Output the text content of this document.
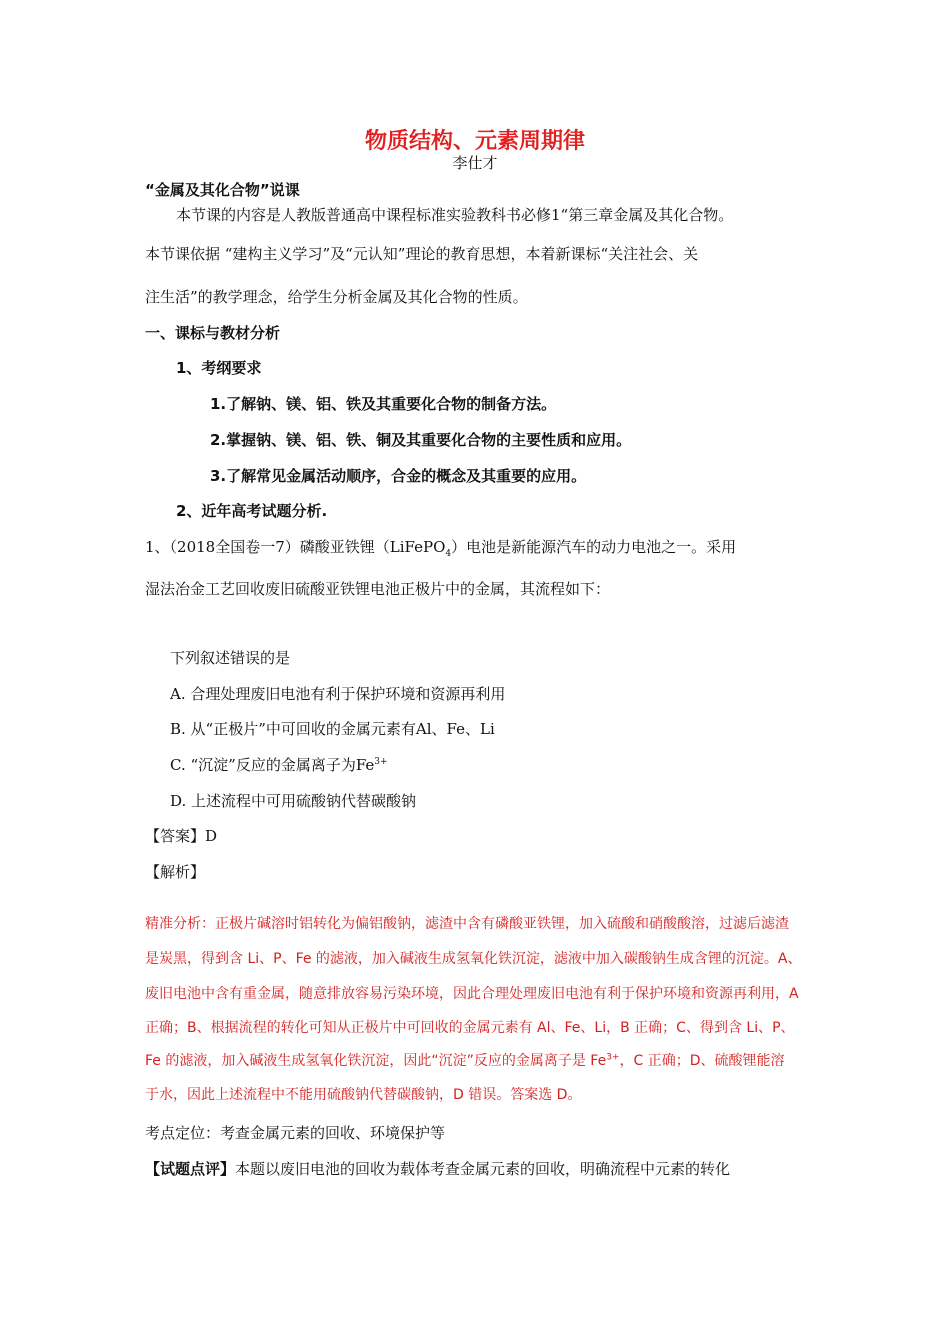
物质结构、元素周期律
李仕才
“金属及其化合物”说课
本节课的内容是人教版普通高中课程标准实验教科书必修1“第三章金属及其化合物。
本节课依据 “建构主义学习”及“元认知”理论的教育思想，本着新课标“关注社会、关
注生活”的教学理念，给学生分析金属及其化合物的性质。
一、课标与教材分析
1、考纲要求
1.了解钠、镁、铝、铁及其重要化合物的制备方法。
2.掌握钠、镁、铝、铁、铜及其重要化合物的主要性质和应用。
3.了解常见金属活动顺序，合金的概念及其重要的应用。
2、近年高考试题分析.
1、（2018全国卷一7）磷酸亚铁锂（LiFePO$_4$）电池是新能源汽车的动力电池之一。采用
湿法冶金工艺回收废旧硫酸亚铁锂电池正极片中的金属，其流程如下：
下列叙述错误的是
A. 合理处理废旧电池有利于保护环境和资源再利用
B. 从“正极片”中可回收的金属元素有Al、Fe、Li
C. “沉淀”反应的金属离子为$Fe^{3+}$
D. 上述流程中可用硫酸钠代替碳酸钠
【答案】D
【解析】
精准分析：正极片碱溶时铝转化为偏铝酸钠，滤渣中含有磷酸亚铁锂，加入硫酸和硝酸酸溶，过滤后滤渣
是炭黑，得到含 Li、P、Fe 的滤液，加入碱液生成氢氧化铁沉淀，滤液中加入碳酸钠生成含锂的沉淀。A、
废旧电池中含有重金属，随意排放容易污染环境，因此合理处理废旧电池有利于保护环境和资源再利用，A
正确；B、根据流程的转化可知从正极片中可回收的金属元素有 Al、Fe、Li，B 正确；C、得到含 Li、P、
Fe 的滤液，加入碱液生成氢氧化铁沉淀，因此“沉淀”反应的金属离子是 $Fe^{3+}$，C 正确；D、硫酸锂能溶
于水，因此上述流程中不能用硫酸钠代替碳酸钠，D 错误。答案选 D。
考点定位：考查金属元素的回收、环境保护等
【试题点评】本题以废旧电池的回收为载体考查金属元素的回收，明确流程中元素的转化
